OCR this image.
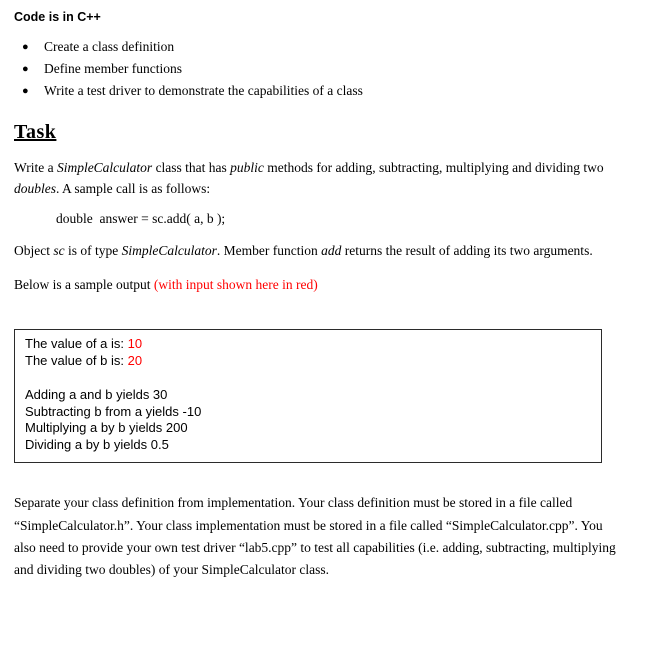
Code is in C++
●	Create a class definition
●	Define member functions
●	Write a test driver to demonstrate the capabilities of a class
Task
Write a SimpleCalculator class that has public methods for adding, subtracting, multiplying and dividing two doubles. A sample call is as follows:
double  answer = sc.add( a, b );
Object sc is of type SimpleCalculator. Member function add returns the result of adding its two arguments.
Below is a sample output (with input shown here in red)
The value of a is: 10
The value of b is: 20
Adding a and b yields 30
Subtracting b from a yields -10
Multiplying a by b yields 200
Dividing a by b yields 0.5
Separate your class definition from implementation. Your class definition must be stored in a file called “SimpleCalculator.h”. Your class implementation must be stored in a file called “SimpleCalculator.cpp”. You also need to provide your own test driver “lab5.cpp” to test all capabilities (i.e. adding, subtracting, multiplying and dividing two doubles) of your SimpleCalculator class.
